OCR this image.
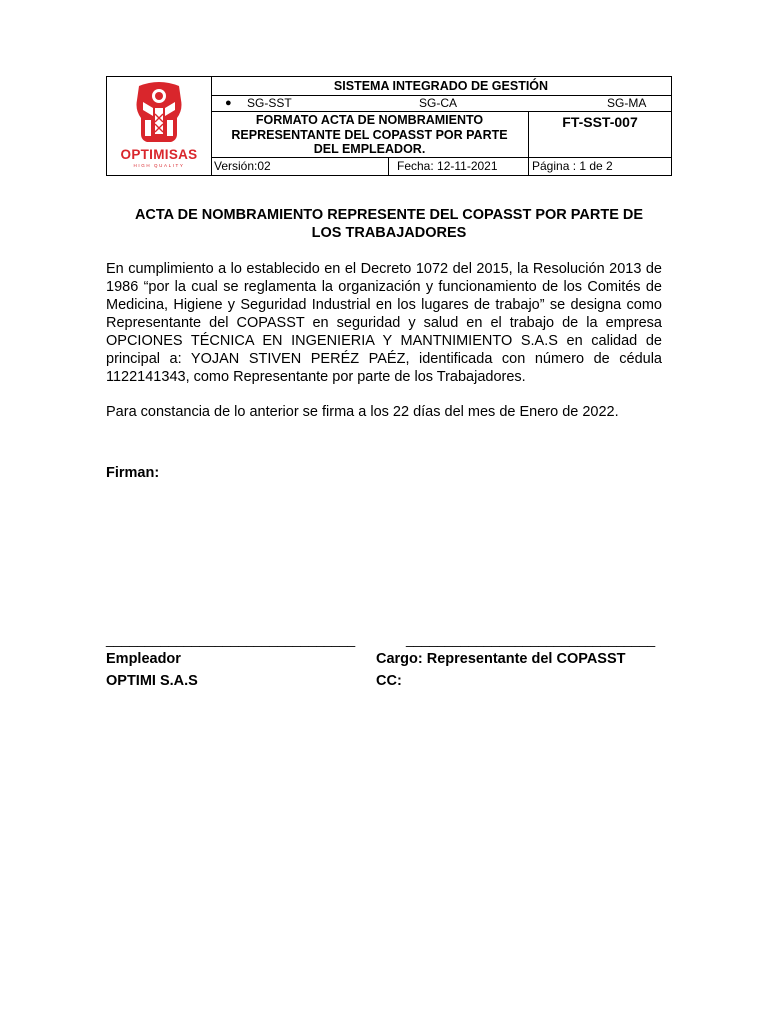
OPTIMISAS
HIGH QUALITY
SISTEMA INTEGRADO DE GESTIÓN
● SG-SST	SG-CA	SG-MA
FORMATO ACTA DE NOMBRAMIENTO
REPRESENTANTE DEL COPASST POR PARTE
DEL EMPLEADOR.
FT-SST-007
Versión:02	Fecha: 12-11-2021	Página : 1 de 2
ACTA DE NOMBRAMIENTO REPRESENTE DEL COPASST POR PARTE DE
LOS TRABAJADORES
En cumplimiento a lo establecido en el Decreto 1072 del 2015, la Resolución 2013 de 1986 “por la cual se reglamenta la organización y funcionamiento de los Comités de Medicina, Higiene y Seguridad Industrial en los lugares de trabajo” se designa como Representante del COPASST en seguridad y salud en el trabajo de la empresa OPCIONES TÉCNICA EN INGENIERIA Y MANTNIMIENTO S.A.S en calidad de principal a: YOJAN STIVEN PERÉZ PAÉZ, identificada con número de cédula 1122141343, como Representante por parte de los Trabajadores.
Para constancia de lo anterior se firma a los 22 días del mes de Enero de 2022.
Firman:
________________________________	________________________________
Empleador
OPTIMI S.A.S
Cargo: Representante del COPASST
CC:
